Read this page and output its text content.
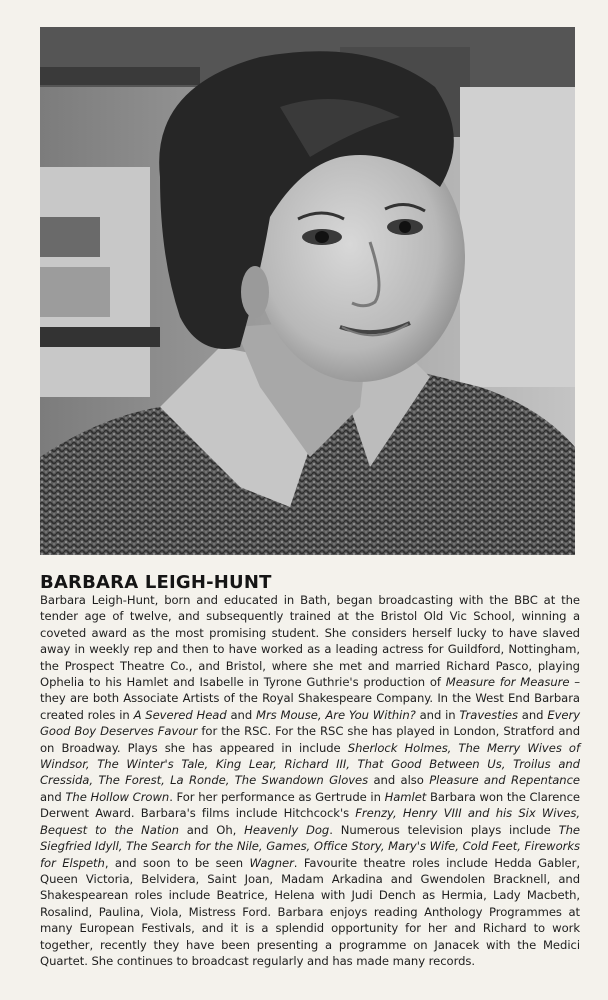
BARBARA LEIGH-HUNT

Barbara Leigh-Hunt, born and educated in Bath, began broadcasting with the BBC at the tender age of twelve, and subsequently trained at the Bristol Old Vic School, winning a coveted award as the most promising student. She considers herself lucky to have slaved away in weekly rep and then to have worked as a leading actress for Guildford, Nottingham, the Prospect Theatre Co., and Bristol, where she met and married Richard Pasco, playing Ophelia to his Hamlet and Isabelle in Tyrone Guthrie's production of Measure for Measure – they are both Associate Artists of the Royal Shakespeare Company. In the West End Barbara created roles in A Severed Head and Mrs Mouse, Are You Within? and in Travesties and Every Good Boy Deserves Favour for the RSC. For the RSC she has played in London, Stratford and on Broadway. Plays she has appeared in include Sherlock Holmes, The Merry Wives of Windsor, The Winter's Tale, King Lear, Richard III, That Good Between Us, Troilus and Cressida, The Forest, La Ronde, The Swandown Gloves and also Pleasure and Repentance and The Hollow Crown. For her performance as Gertrude in Hamlet Barbara won the Clarence Derwent Award. Barbara's films include Hitchcock's Frenzy, Henry VIII and his Six Wives, Bequest to the Nation and Oh, Heavenly Dog. Numerous television plays include The Siegfried Idyll, The Search for the Nile, Games, Office Story, Mary's Wife, Cold Feet, Fireworks for Elspeth, and soon to be seen Wagner. Favourite theatre roles include Hedda Gabler, Queen Victoria, Belvidera, Saint Joan, Madam Arkadina and Gwendolen Bracknell, and Shakespearean roles include Beatrice, Helena with Judi Dench as Hermia, Lady Macbeth, Rosalind, Paulina, Viola, Mistress Ford. Barbara enjoys reading Anthology Programmes at many European Festivals, and it is a splendid opportunity for her and Richard to work together, recently they have been presenting a programme on Janacek with the Medici Quartet. She continues to broadcast regularly and has made many records.
